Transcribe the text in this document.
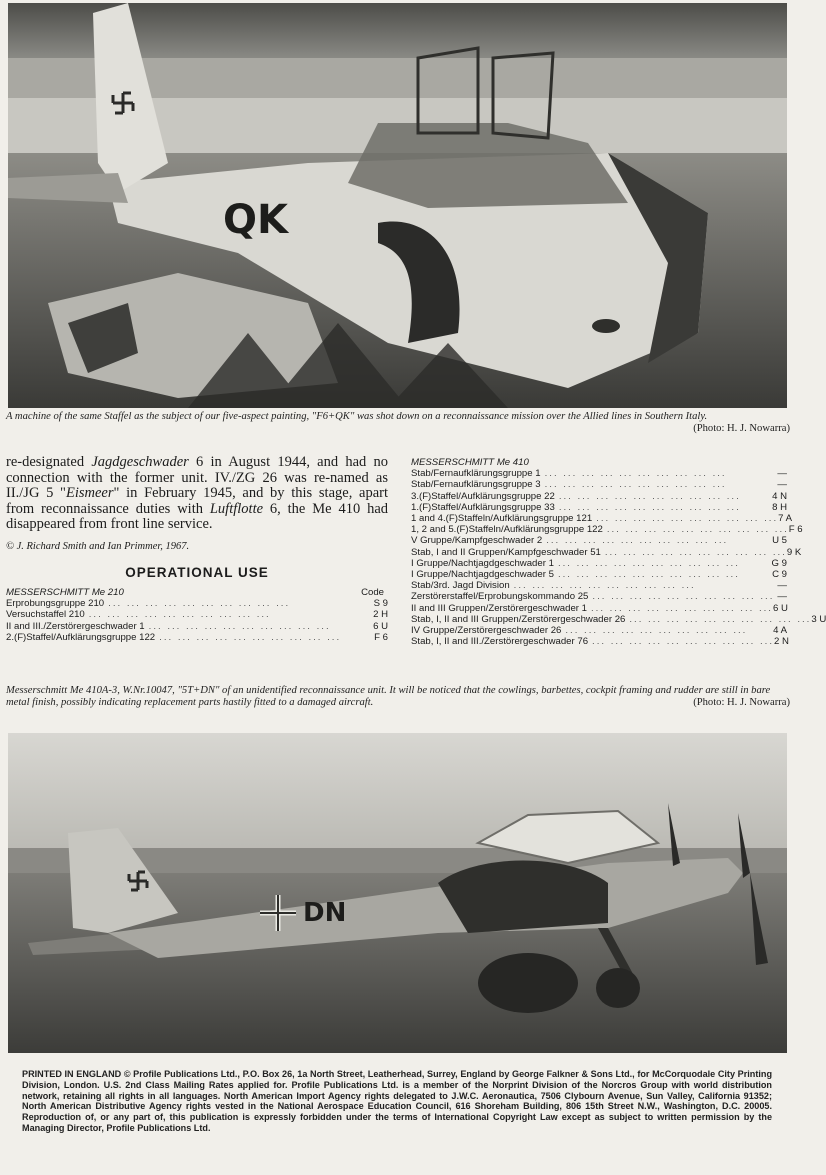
QK
A machine of the same Staffel as the subject of our five-aspect painting, "F6+QK" was shot down on a reconnaissance mission over the Allied lines in Southern Italy.
(Photo: H. J. Nowarra)

re-designated Jagdgeschwader 6 in August 1944, and had no connection with the former unit. IV./ZG 26 was re-named as II./JG 5 "Eismeer" in February 1945, and by this stage, apart from reconnaissance duties with Luftflotte 6, the Me 410 had disappeared from front line service.

© J. Richard Smith and Ian Primmer, 1967.

OPERATIONAL USE
MESSERSCHMITT Me 210	Code
Erprobungsgruppe 210 ... ... ... ... ... ... ... ... ... ...	S 9
Versuchstaffel 210 ... ... ... ... ... ... ... ... ... ...	2 H
II and III./Zerstörergeschwader 1 ... ... ... ... ... ... ... ... ... ...	6 U
2.(F)Staffel/Aufklärungsgruppe 122 ... ... ... ... ... ... ... ... ... ...	F 6
MESSERSCHMITT Me 410
Stab/Fernaufklärungsgruppe 1 ... ... ... ... ... ... ... ... ... ...	—
Stab/Fernaufklärungsgruppe 3 ... ... ... ... ... ... ... ... ... ...	—
3.(F)Staffel/Aufklärungsgruppe 22 ... ... ... ... ... ... ... ... ... ...	4 N
1.(F)Staffel/Aufklärungsgruppe 33 ... ... ... ... ... ... ... ... ... ...	8 H
1 and 4.(F)Staffeln/Aufklärungsgruppe 121 ... ... ... ... ... ... ... ... ... ... 7 A
1, 2 and 5.(F)Staffeln/Aufklärungsgruppe 122 ... ... ... ... ... ... ... ... ... ... F 6
V Gruppe/Kampfgeschwader 2 ... ... ... ... ... ... ... ... ... ...	U 5
Stab, I and II Gruppen/Kampfgeschwader 51 ... ... ... ... ... ... ... ... ... ... 9 K
I Gruppe/Nachtjagdgeschwader 1 ... ... ... ... ... ... ... ... ... ...	G 9
I Gruppe/Nachtjagdgeschwader 5 ... ... ... ... ... ... ... ... ... ...	C 9
Stab/3rd. Jagd Division ... ... ... ... ... ... ... ... ... ...	—
Zerstörerstaffel/Erprobungskommando 25 ... ... ... ... ... ... ... ... ... ... —
II and III Gruppen/Zerstörergeschwader 1 ... ... ... ... ... ... ... ... ... ... 6 U
Stab, I, II and III Gruppen/Zerstörergeschwader 26 ... ... ... ... ... ... ... ... ... ... 3 U
IV Gruppe/Zerstörergeschwader 26 ... ... ... ... ... ... ... ... ... ...	4 A
Stab, I, II and III./Zerstörergeschwader 76 ... ... ... ... ... ... ... ... ... ... 2 N
Messerschmitt Me 410A-3, W.Nr.10047, "5T+DN" of an unidentified reconnaissance unit. It will be noticed that the cowlings, barbettes, cockpit framing and rudder are still in bare metal finish, possibly indicating replacement parts hastily fitted to a damaged aircraft.	(Photo: H. J. Nowarra)
DN
PRINTED IN ENGLAND © Profile Publications Ltd., P.O. Box 26, 1a North Street, Leatherhead, Surrey, England by George Falkner & Sons Ltd., for McCorquodale City Printing Division, London. U.S. 2nd Class Mailing Rates applied for. Profile Publications Ltd. is a member of the Norprint Division of the Norcros Group with world distribution network, retaining all rights in all languages. North American Import Agency rights delegated to J.W.C. Aeronautica, 7506 Clybourn Avenue, Sun Valley, California 91352; North American Distributive Agency rights vested in the National Aerospace Education Council, 616 Shoreham Building, 806 15th Street N.W., Washington, D.C. 20005. Reproduction of, or any part of, this publication is expressly forbidden under the terms of International Copyright Law except as subject to written permission by the Managing Director, Profile Publications Ltd.
